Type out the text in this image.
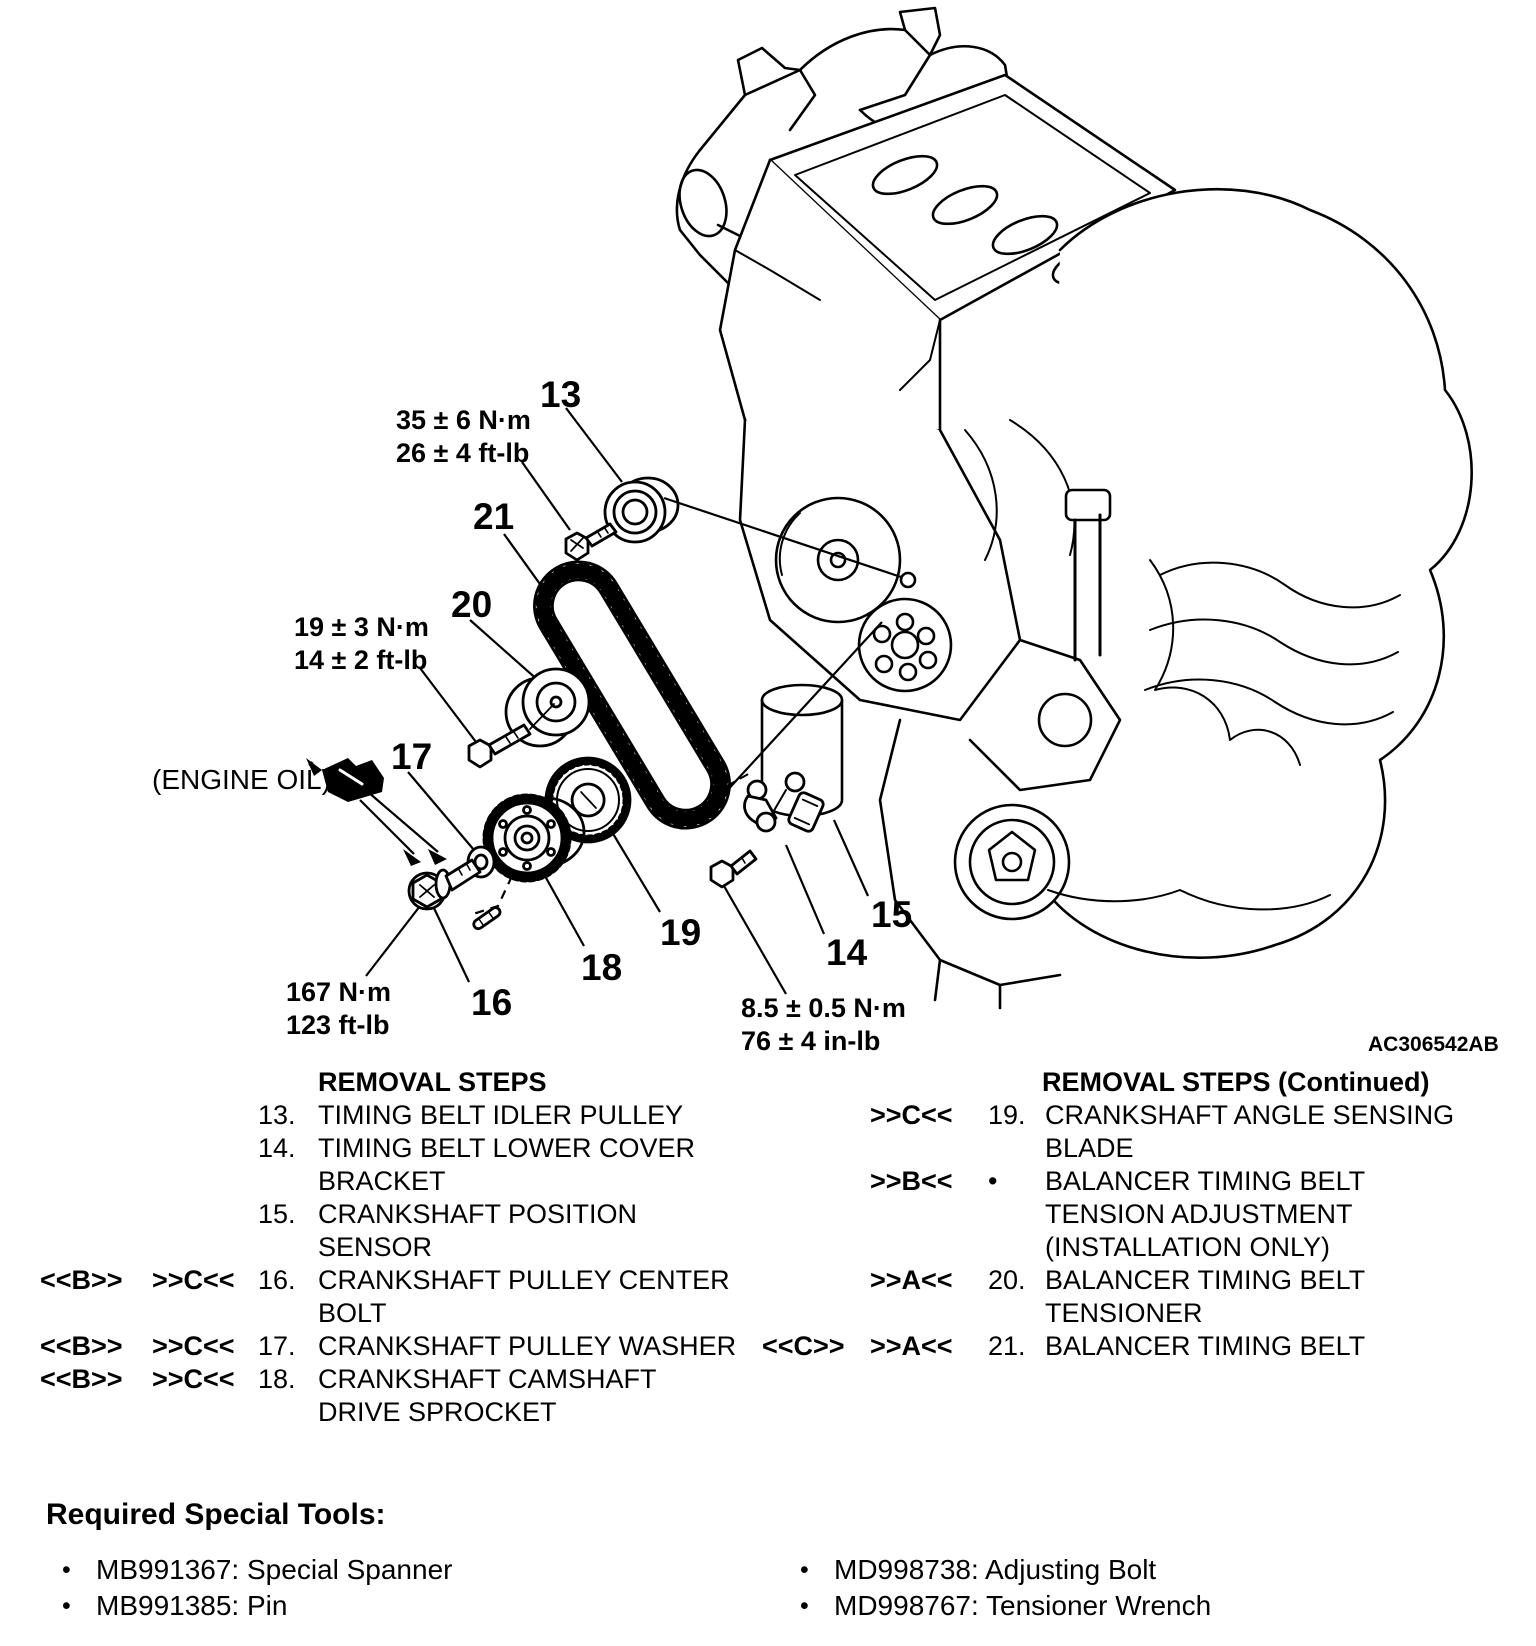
13
21
20
17
16
18
19	14
15
35 ± 6 N·m
26 ± 4 ft-lb
19 ± 3 N·m
14 ± 2 ft-lb
167 N·m
123 ft-lb
8.5 ± 0.5 N·m
76 ± 4 in-lb
(ENGINE OIL) :
AC306542AB
REMOVAL STEPS
13. TIMING BELT IDLER PULLEY
14. TIMING BELT LOWER COVER
BRACKET
15. CRANKSHAFT POSITION
SENSOR
<<B>>	>>C<< 16. CRANKSHAFT PULLEY CENTER
BOLT
<<B>>	>>C<< 17. CRANKSHAFT PULLEY WASHER
<<B>>	>>C<< 18. CRANKSHAFT CAMSHAFT
DRIVE SPROCKET
REMOVAL STEPS (Continued)
>>C<<	19. CRANKSHAFT ANGLE SENSING
BLADE
>>B<<	•	BALANCER TIMING BELT
TENSION ADJUSTMENT
(INSTALLATION ONLY)
>>A<<	20. BALANCER TIMING BELT
TENSIONER
<<C>> >>A<<	21. BALANCER TIMING BELT
Required Special Tools:
• MB991367: Special Spanner
• MB991385: Pin
• MD998738: Adjusting Bolt
• MD998767: Tensioner Wrench
